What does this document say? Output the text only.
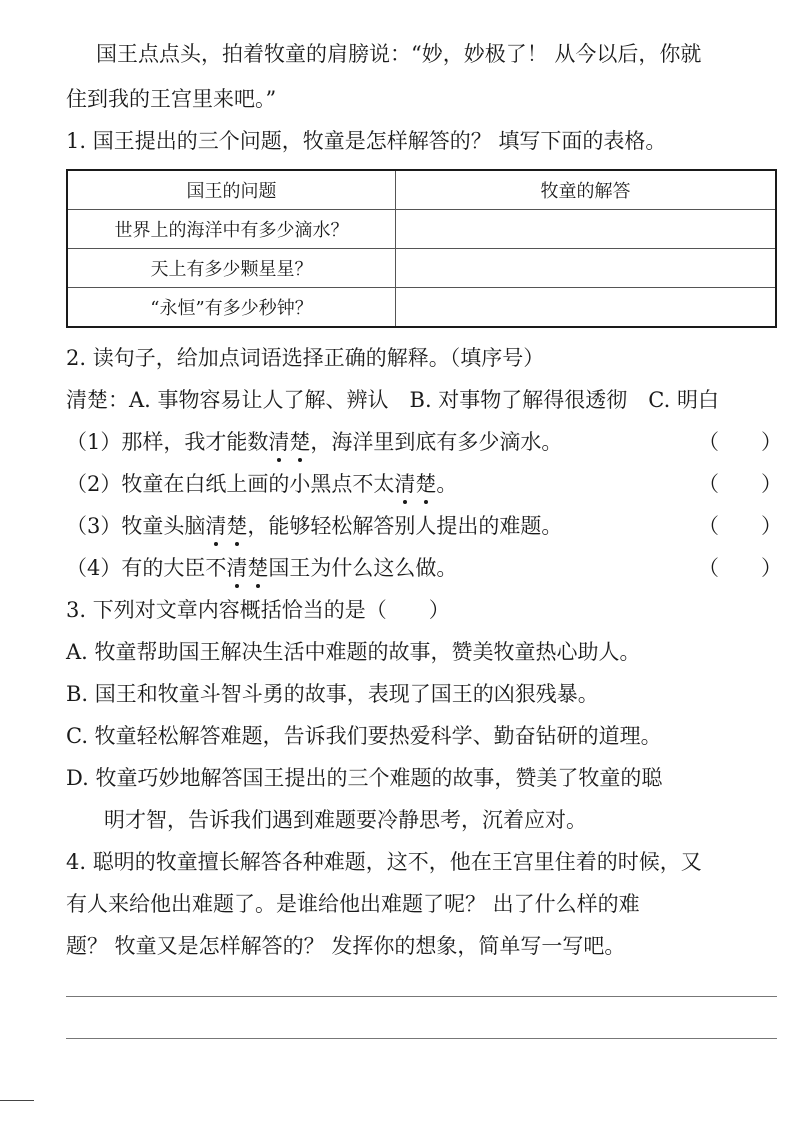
国王点点头，拍着牧童的肩膀说：“妙，妙极了！ 从今以后，你就
住到我的王宫里来吧。”
1. 国王提出的三个问题，牧童是怎样解答的？ 填写下面的表格。
国王的问题	牧童的解答
世界上的海洋中有多少滴水？	
天上有多少颗星星？	
“永恒”有多少秒钟？	
2. 读句子，给加点词语选择正确的解释。（填序号）
清楚：A. 事物容易让人了解、辨认　B. 对事物了解得很透彻　C. 明白
（1）那样，我才能数清楚，海洋里到底有多少滴水。	（　　）
（2）牧童在白纸上画的小黑点不太清楚。	（　　）
（3）牧童头脑清楚，能够轻松解答别人提出的难题。	（　　）
（4）有的大臣不清楚国王为什么这么做。	（　　）
3. 下列对文章内容概括恰当的是（　　）
A. 牧童帮助国王解决生活中难题的故事，赞美牧童热心助人。
B. 国王和牧童斗智斗勇的故事，表现了国王的凶狠残暴。
C. 牧童轻松解答难题，告诉我们要热爱科学、勤奋钻研的道理。
D. 牧童巧妙地解答国王提出的三个难题的故事，赞美了牧童的聪
明才智，告诉我们遇到难题要冷静思考，沉着应对。
4. 聪明的牧童擅长解答各种难题，这不，他在王宫里住着的时候，又
有人来给他出难题了。是谁给他出难题了呢？ 出了什么样的难
题？ 牧童又是怎样解答的？ 发挥你的想象，简单写一写吧。
